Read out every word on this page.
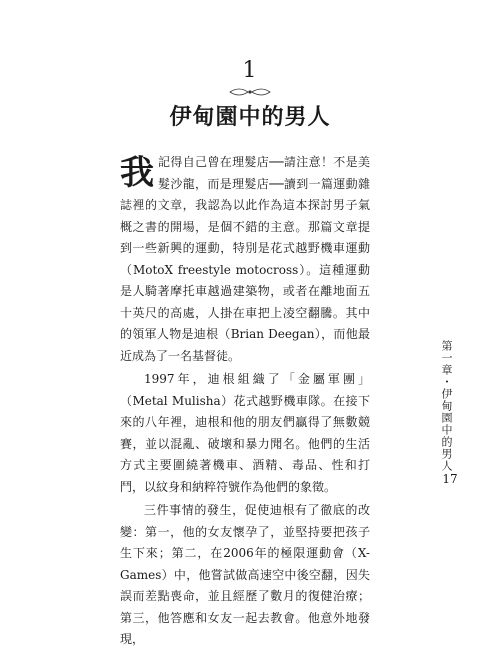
1
伊甸園中的男人

我記得自己曾在理髮店──請注意！不是美髮沙龍，而是理髮店──讀到一篇運動雜誌裡的文章，我認為以此作為這本探討男子氣概之書的開場，是個不錯的主意。那篇文章提到一些新興的運動，特別是花式越野機車運動（MotoX freestyle motocross）。這種運動是人騎著摩托車越過建築物，或者在離地面五十英尺的高處，人掛在車把上凌空翻騰。其中的領軍人物是迪根（Brian Deegan），而他最近成為了一名基督徒。

1997年，迪根組織了「金屬軍團」（Metal Mulisha）花式越野機車隊。在接下來的八年裡，迪根和他的朋友們贏得了無數競賽，並以混亂、破壞和暴力聞名。他們的生活方式主要圍繞著機車、酒精、毒品、性和打鬥，以紋身和納粹符號作為他們的象徵。

三件事情的發生，促使迪根有了徹底的改變：第一，他的女友懷孕了，並堅持要把孩子生下來；第二，在2006年的極限運動會（X-Games）中，他嘗試做高速空中後空翻，因失誤而差點喪命，並且經歷了數月的復健治療；第三，他答應和女友一起去教會。他意外地發現，

第一章・伊甸園中的男人
17
